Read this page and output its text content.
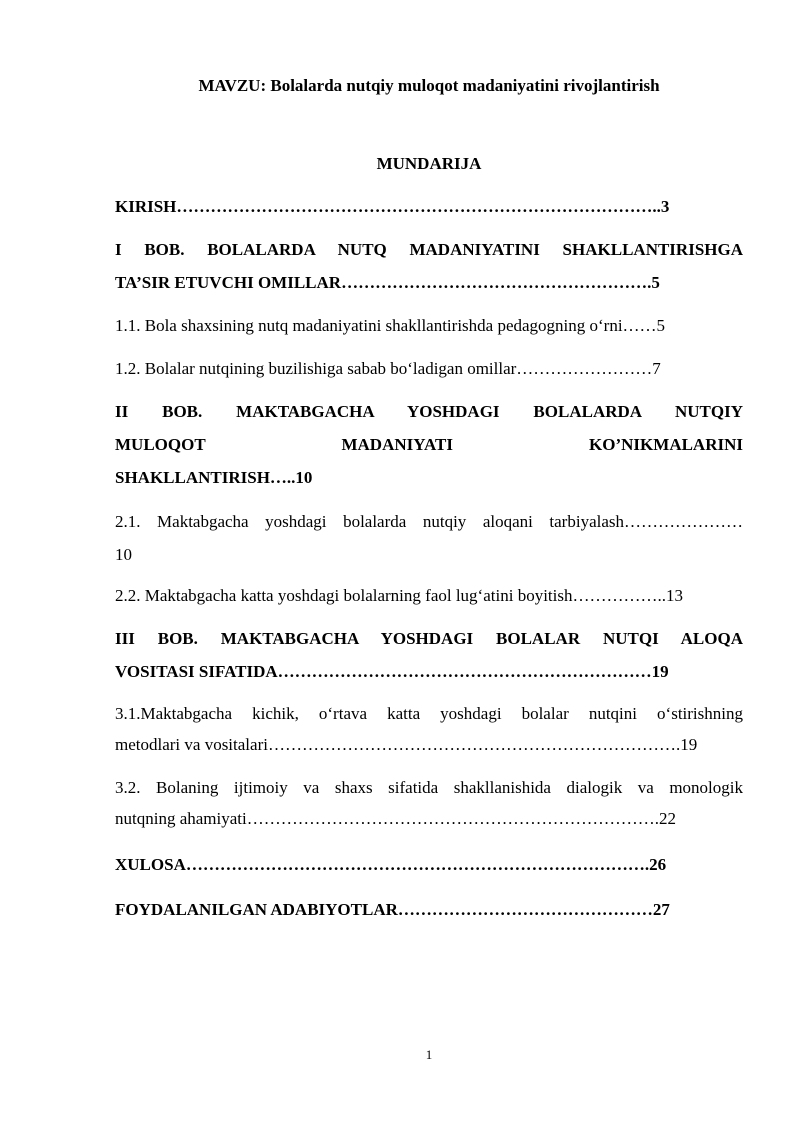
MAVZU: Bolalarda nutqiy muloqot madaniyatini rivojlantirish
MUNDARIJA
KIRISH…………………………………………………………………………..3
I BOB. BOLALARDA NUTQ MADANIYATINI SHAKLLANTIRISHGA
TA’SIR ETUVCHI OMILLAR……………………………………………….5
1.1. Bola shaxsining nutq madaniyatini shakllantirishda pedagogning o‘rni……5
1.2. Bolalar nutqining buzilishiga sabab bo‘ladigan omillar……………………7
II BOB. MAKTABGACHA YOSHDAGI BOLALARDA NUTQIY
MULOQOT MADANIYATI KO’NIKMALARINI
SHAKLLANTIRISH…..10
2.1. Maktabgacha yoshdagi bolalarda nutqiy aloqani tarbiyalash…………………
10
2.2. Maktabgacha katta yoshdagi bolalarning faol lug‘atini boyitish……………..13
III BOB. MAKTABGACHA YOSHDAGI BOLALAR NUTQI ALOQA
VOSITASI SIFATIDA…………………………………………………………19
3.1.Maktabgacha kichik, o‘rtava katta yoshdagi bolalar nutqini o‘stirishning
metodlari va vositalari……………………………………………………………….19
3.2. Bolaning ijtimoiy va shaxs sifatida shakllanishida dialogik va monologik
nutqning ahamiyati……………………………………………………………….22
XULOSA……………………………………………………………………….26
FOYDALANILGAN ADABIYOTLAR………………………………………27
1
